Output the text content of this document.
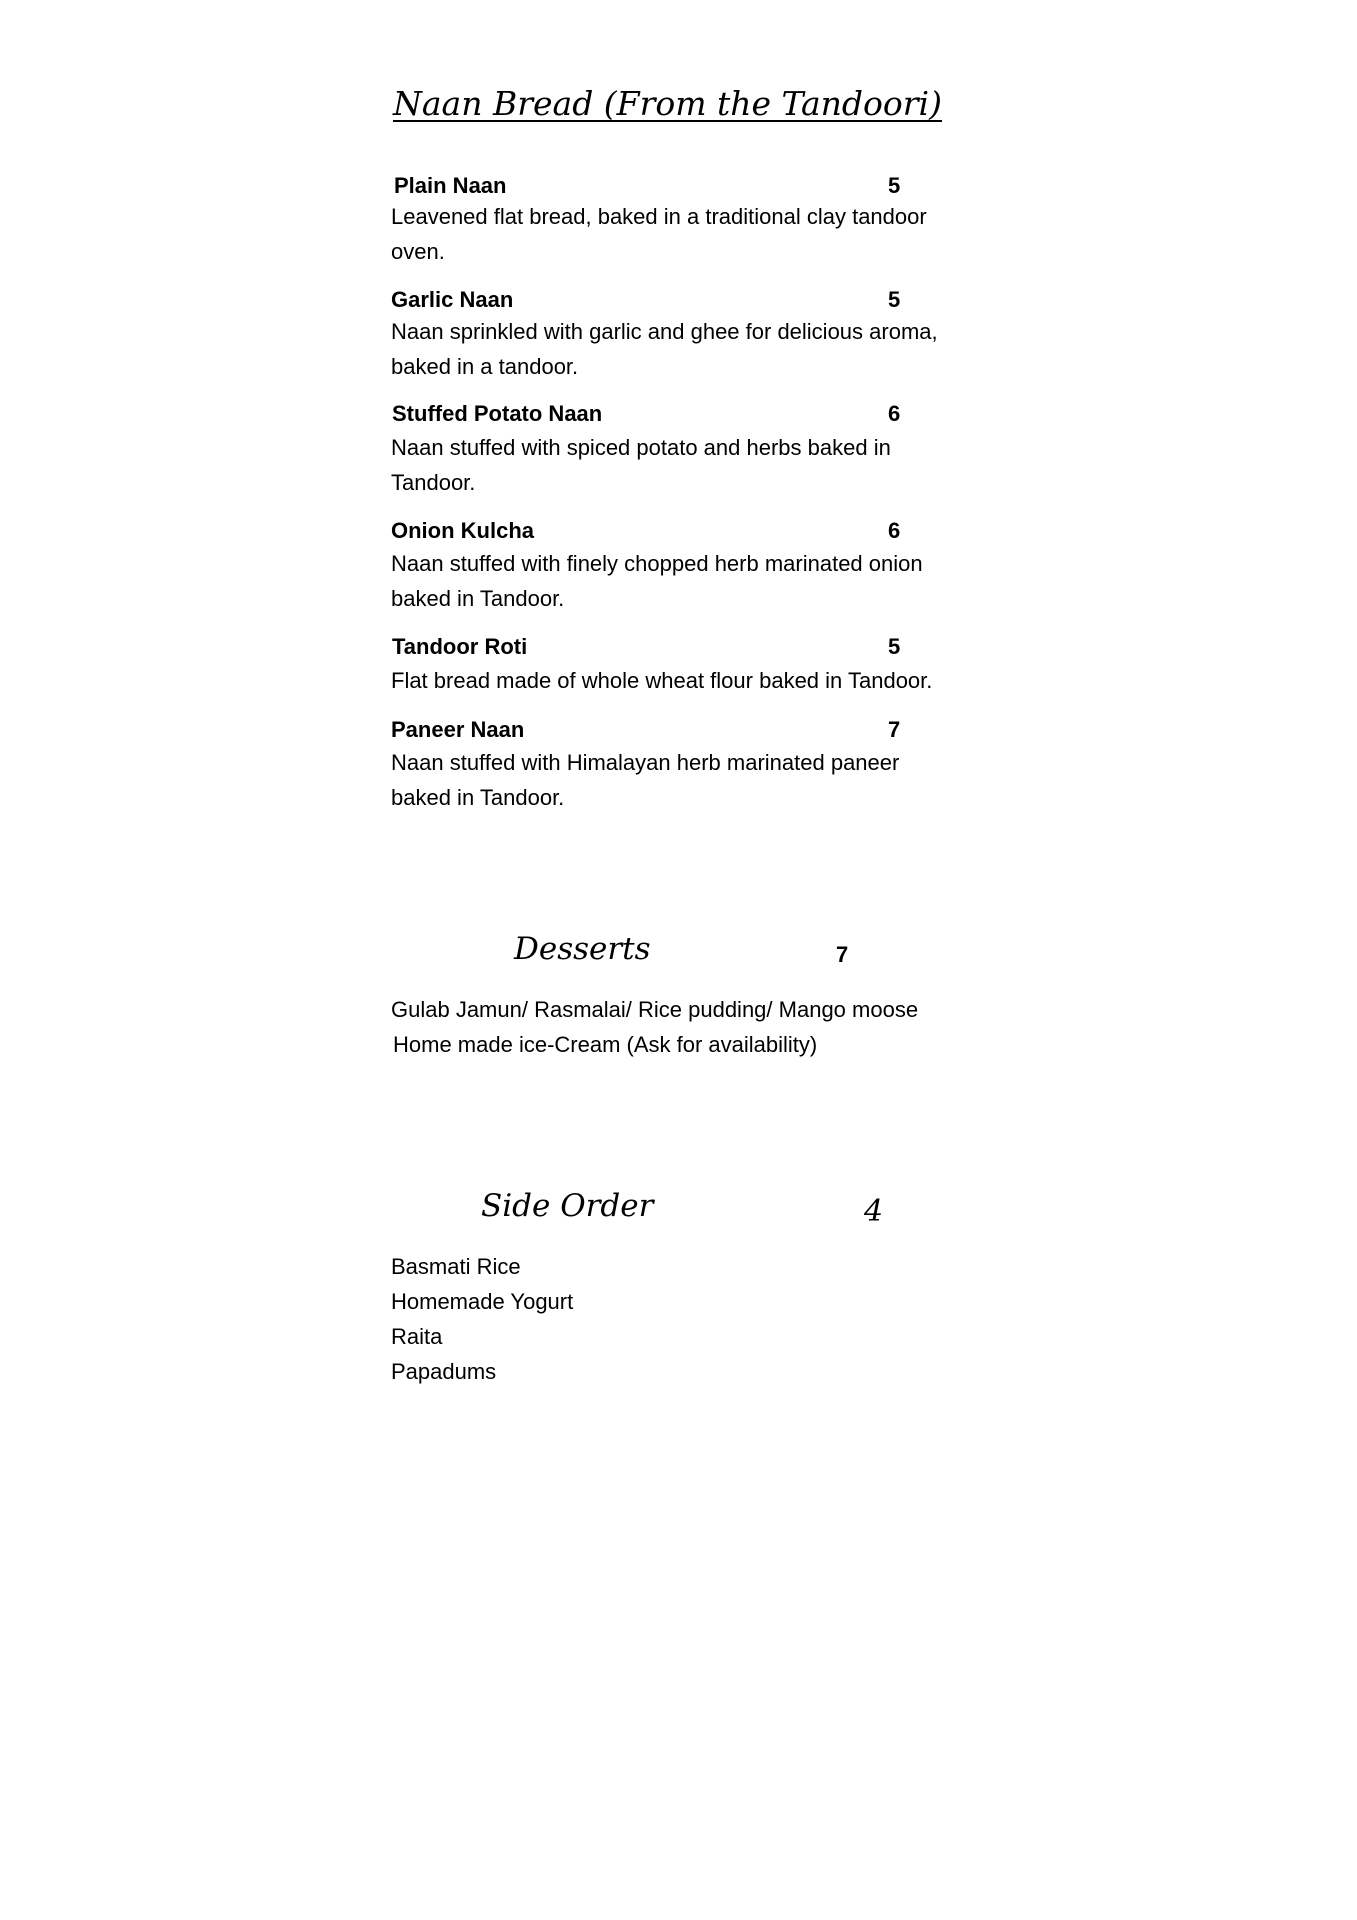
Naan Bread (From the Tandoori)
Plain Naan	5
Leavened flat bread, baked in a traditional clay tandoor oven.
Garlic Naan	5
Naan sprinkled with garlic and ghee for delicious aroma, baked in a tandoor.
Stuffed Potato Naan	6
Naan stuffed with spiced potato and herbs baked in Tandoor.
Onion Kulcha	6
Naan stuffed with finely chopped herb marinated onion baked in Tandoor.
Tandoor Roti	5
Flat bread made of whole wheat flour baked in Tandoor.
Paneer Naan	7
Naan stuffed with Himalayan herb marinated paneer baked in Tandoor.
Desserts	7
Gulab Jamun/ Rasmalai/ Rice pudding/ Mango moose
Home made ice-Cream (Ask for availability)
Side Order	4
Basmati Rice
Homemade Yogurt
Raita
Papadums
